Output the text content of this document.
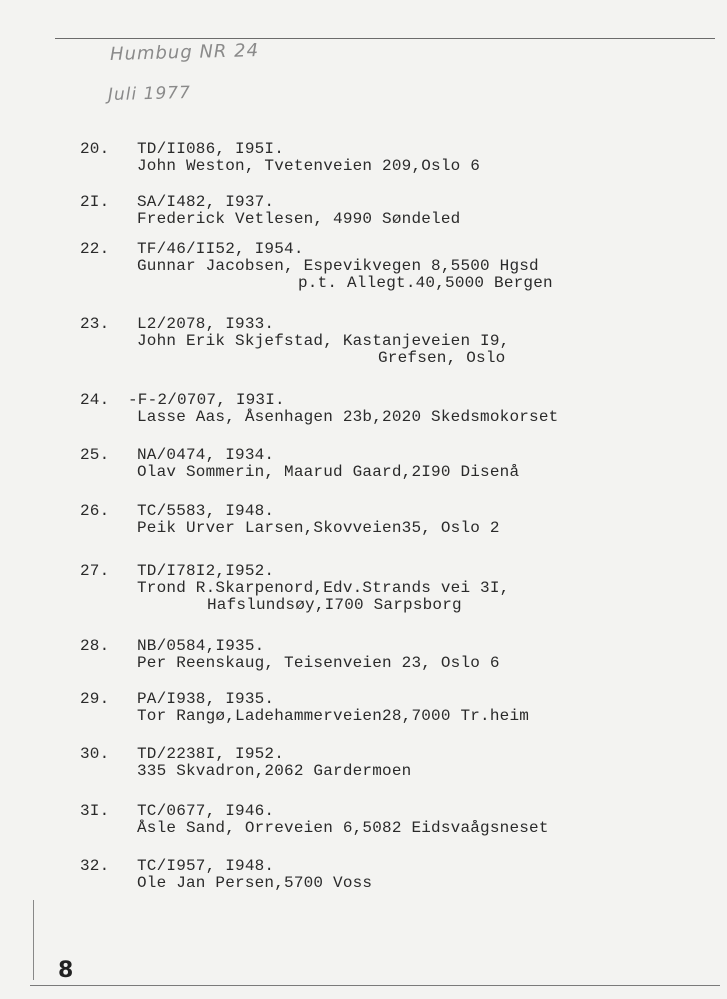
Humbug NR 24
Juli 1977
20. TD/II086, I95I.
John Weston, Tvetenveien 209,Oslo 6
2I. SA/I482, I937.
Frederick Vetlesen, 4990 Søndeled
22. TF/46/II52, I954.
Gunnar Jacobsen, Espevikvegen 8,5500 Hgsd
p.t. Allegt.40,5000 Bergen
23. L2/2078, I933.
John Erik Skjefstad, Kastanjeveien I9,
Grefsen, Oslo
24. -F-2/0707, I93I.
Lasse Aas, Åsenhagen 23b,2020 Skedsmokorset
25. NA/0474, I934.
Olav Sommerin, Maarud Gaard,2I90 Disenå
26. TC/5583, I948.
Peik Urver Larsen,Skovveien35, Oslo 2
27. TD/I78I2,I952.
Trond R.Skarpenord,Edv.Strands vei 3I,
Hafslundsøy,I700 Sarpsborg
28. NB/0584,I935.
Per Reenskaug, Teisenveien 23, Oslo 6
29. PA/I938, I935.
Tor Rangø,Ladehammerveien28,7000 Tr.heim
30. TD/2238I, I952.
335 Skvadron,2062 Gardermoen
3I. TC/0677, I946.
Åsle Sand, Orreveien 6,5082 Eidsvaågsneset
32. TC/I957, I948.
Ole Jan Persen,5700 Voss
8
